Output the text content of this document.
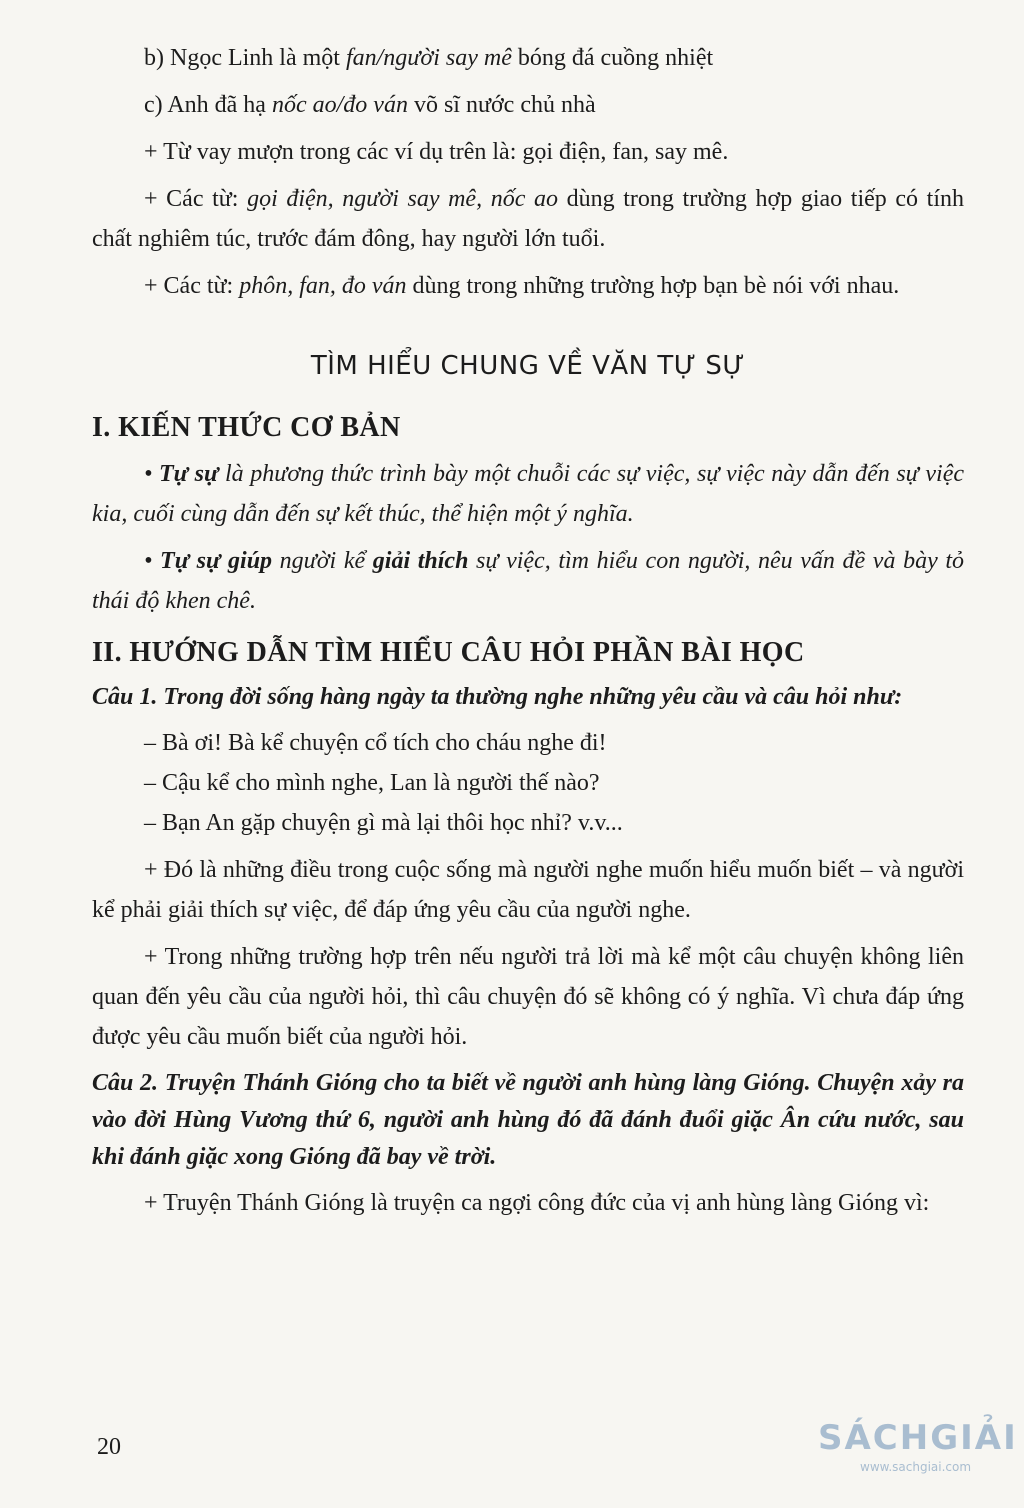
b) Ngọc Linh là một fan/người say mê bóng đá cuồng nhiệt

c) Anh đã hạ nốc ao/đo ván võ sĩ nước chủ nhà

+ Từ vay mượn trong các ví dụ trên là: gọi điện, fan, say mê.

+ Các từ: gọi điện, người say mê, nốc ao dùng trong trường hợp giao tiếp có tính chất nghiêm túc, trước đám đông, hay người lớn tuổi.

+ Các từ: phôn, fan, đo ván dùng trong những trường hợp bạn bè nói với nhau.

TÌM HIỂU CHUNG VỀ VĂN TỰ SỰ
I. KIẾN THỨC CƠ BẢN

• Tự sự là phương thức trình bày một chuỗi các sự việc, sự việc này dẫn đến sự việc kia, cuối cùng dẫn đến sự kết thúc, thể hiện một ý nghĩa.

• Tự sự giúp người kể giải thích sự việc, tìm hiểu con người, nêu vấn đề và bày tỏ thái độ khen chê.

II. HƯỚNG DẪN TÌM HIỂU CÂU HỎI PHẦN BÀI HỌC

Câu 1. Trong đời sống hàng ngày ta thường nghe những yêu cầu và câu hỏi như:

– Bà ơi! Bà kể chuyện cổ tích cho cháu nghe đi!

– Cậu kể cho mình nghe, Lan là người thế nào?

– Bạn An gặp chuyện gì mà lại thôi học nhỉ? v.v...

+ Đó là những điều trong cuộc sống mà người nghe muốn hiểu muốn biết – và người kể phải giải thích sự việc, để đáp ứng yêu cầu của người nghe.

+ Trong những trường hợp trên nếu người trả lời mà kể một câu chuyện không liên quan đến yêu cầu của người hỏi, thì câu chuyện đó sẽ không có ý nghĩa. Vì chưa đáp ứng được yêu cầu muốn biết của người hỏi.

Câu 2. Truyện Thánh Gióng cho ta biết về người anh hùng làng Gióng. Chuyện xảy ra vào đời Hùng Vương thứ 6, người anh hùng đó đã đánh đuổi giặc Ân cứu nước, sau khi đánh giặc xong Gióng đã bay về trời.

+ Truyện Thánh Gióng là truyện ca ngợi công đức của vị anh hùng làng Gióng vì:

20	SÁCHGIẢI
www.sachgiai.com
